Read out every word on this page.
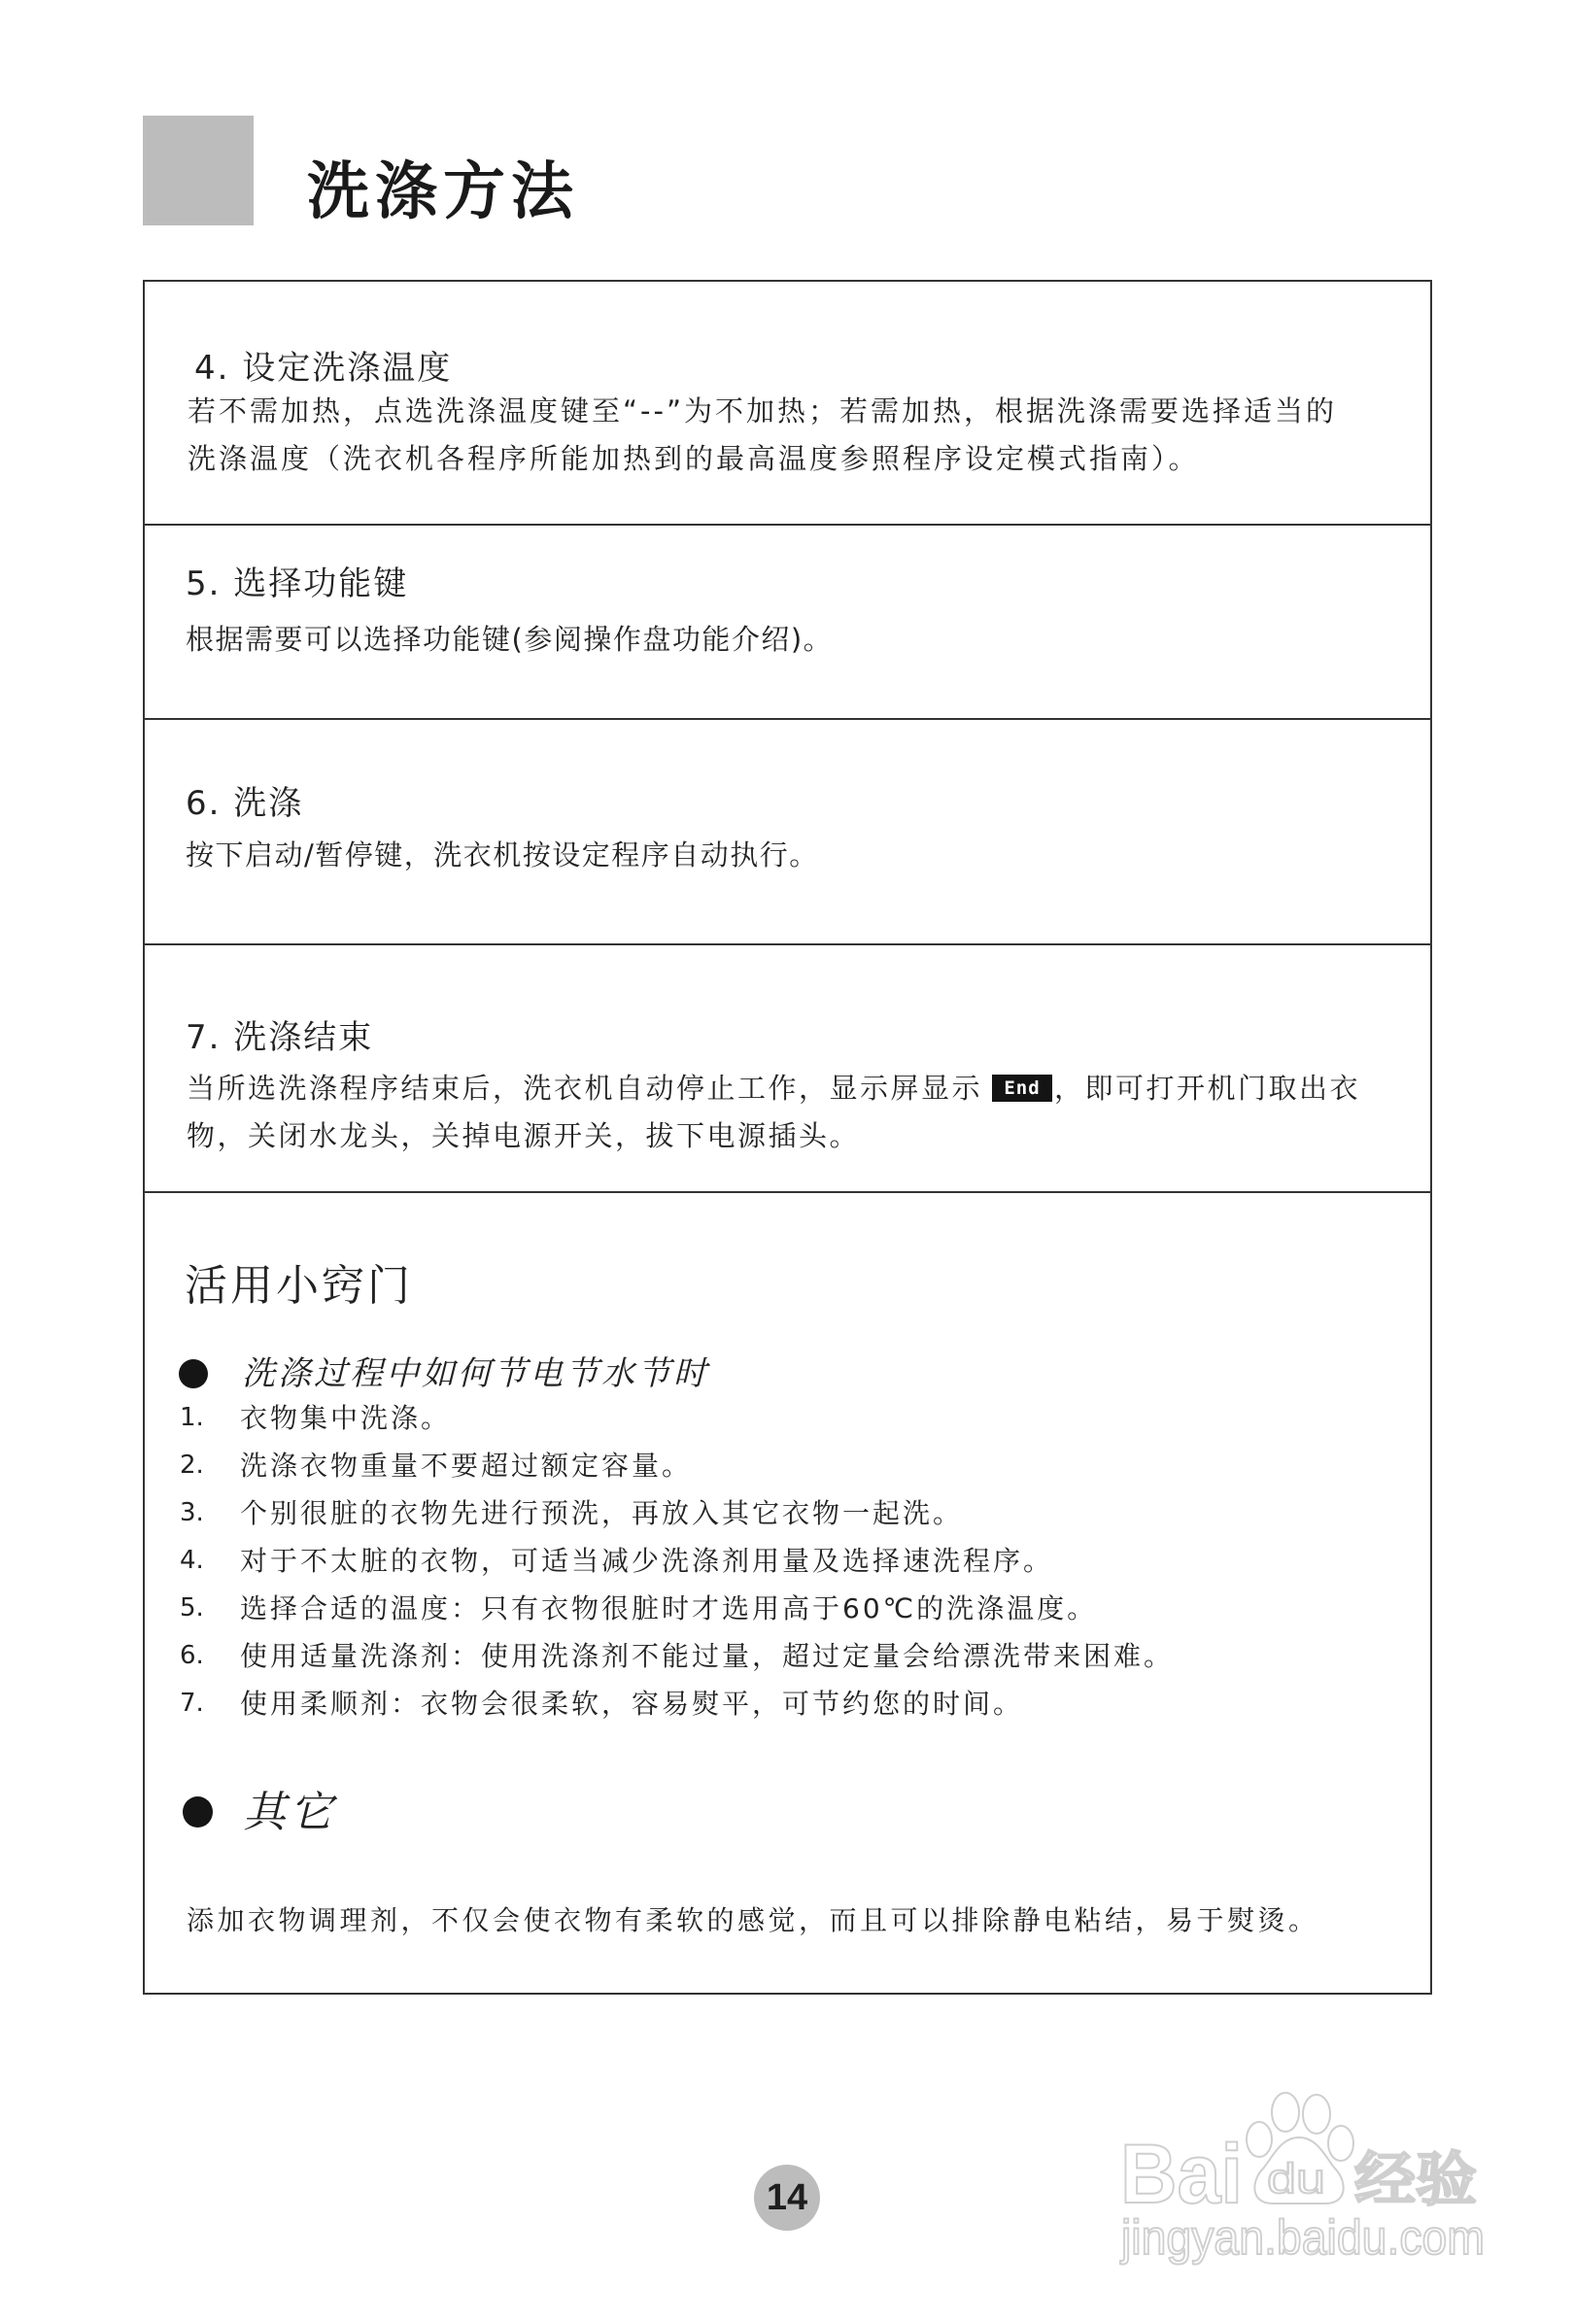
洗涤方法
4. 设定洗涤温度
若不需加热，点选洗涤温度键至“--”为不加热；若需加热，根据洗涤需要选择适当的
洗涤温度（洗衣机各程序所能加热到的最高温度参照程序设定模式指南）。
5. 选择功能键
根据需要可以选择功能键(参阅操作盘功能介绍)。
6. 洗涤
按下启动/暂停键，洗衣机按设定程序自动执行。
7. 洗涤结束
当所选洗涤程序结束后，洗衣机自动停止工作，显示屏显示 End ，即可打开机门取出衣
物，关闭水龙头，关掉电源开关，拔下电源插头。
活用小窍门
洗涤过程中如何节电节水节时
1. 衣物集中洗涤。
2. 洗涤衣物重量不要超过额定容量。
3. 个别很脏的衣物先进行预洗，再放入其它衣物一起洗。
4. 对于不太脏的衣物，可适当减少洗涤剂用量及选择速洗程序。
5. 选择合适的温度：只有衣物很脏时才选用高于60℃的洗涤温度。
6. 使用适量洗涤剂：使用洗涤剂不能过量，超过定量会给漂洗带来困难。
7. 使用柔顺剂：衣物会很柔软，容易熨平，可节约您的时间。
其它
添加衣物调理剂，不仅会使衣物有柔软的感觉，而且可以排除静电粘结，易于熨烫。
14	Bai du 经验
jingyan.baidu.com
